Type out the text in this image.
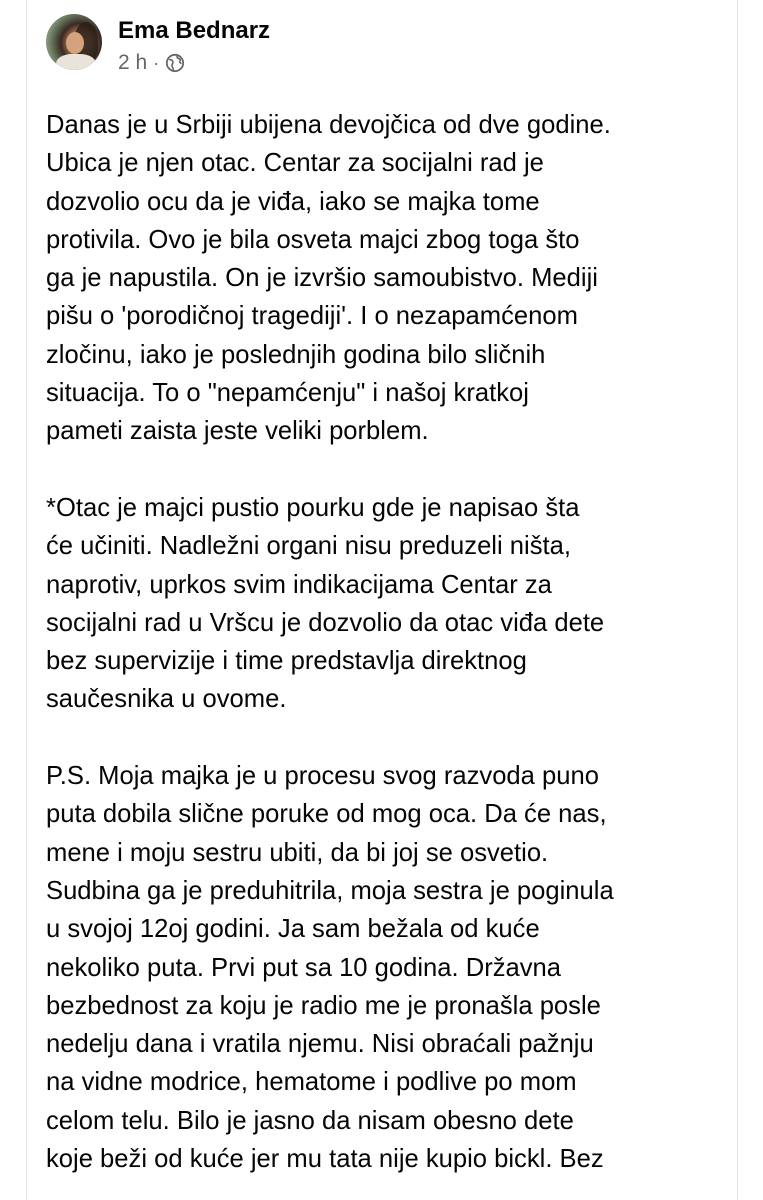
Ema Bednarz
2 h ·

Danas je u Srbiji ubijena devojčica od dve godine.
Ubica je njen otac. Centar za socijalni rad je
dozvolio ocu da je viđa, iako se majka tome
protivila. Ovo je bila osveta majci zbog toga što
ga je napustila. On je izvršio samoubistvo. Mediji
pišu o 'porodičnoj tragediji'. I o nezapamćenom
zločinu, iako je poslednjih godina bilo sličnih
situacija. To o "nepamćenju" i našoj kratkoj
pameti zaista jeste veliki porblem.

*Otac je majci pustio pourku gde je napisao šta
će učiniti. Nadležni organi nisu preduzeli ništa,
naprotiv, uprkos svim indikacijama Centar za
socijalni rad u Vršcu je dozvolio da otac viđa dete
bez supervizije i time predstavlja direktnog
saučesnika u ovome.

P.S. Moja majka je u procesu svog razvoda puno
puta dobila slične poruke od mog oca. Da će nas,
mene i moju sestru ubiti, da bi joj se osvetio.
Sudbina ga je preduhitrila, moja sestra je poginula
u svojoj 12oj godini. Ja sam bežala od kuće
nekoliko puta. Prvi put sa 10 godina. Državna
bezbednost za koju je radio me je pronašla posle
nedelju dana i vratila njemu. Nisi obraćali pažnju
na vidne modrice, hematome i podlive po mom
celom telu. Bilo je jasno da nisam obesno dete
koje beži od kuće jer mu tata nije kupio bickl. Bez
